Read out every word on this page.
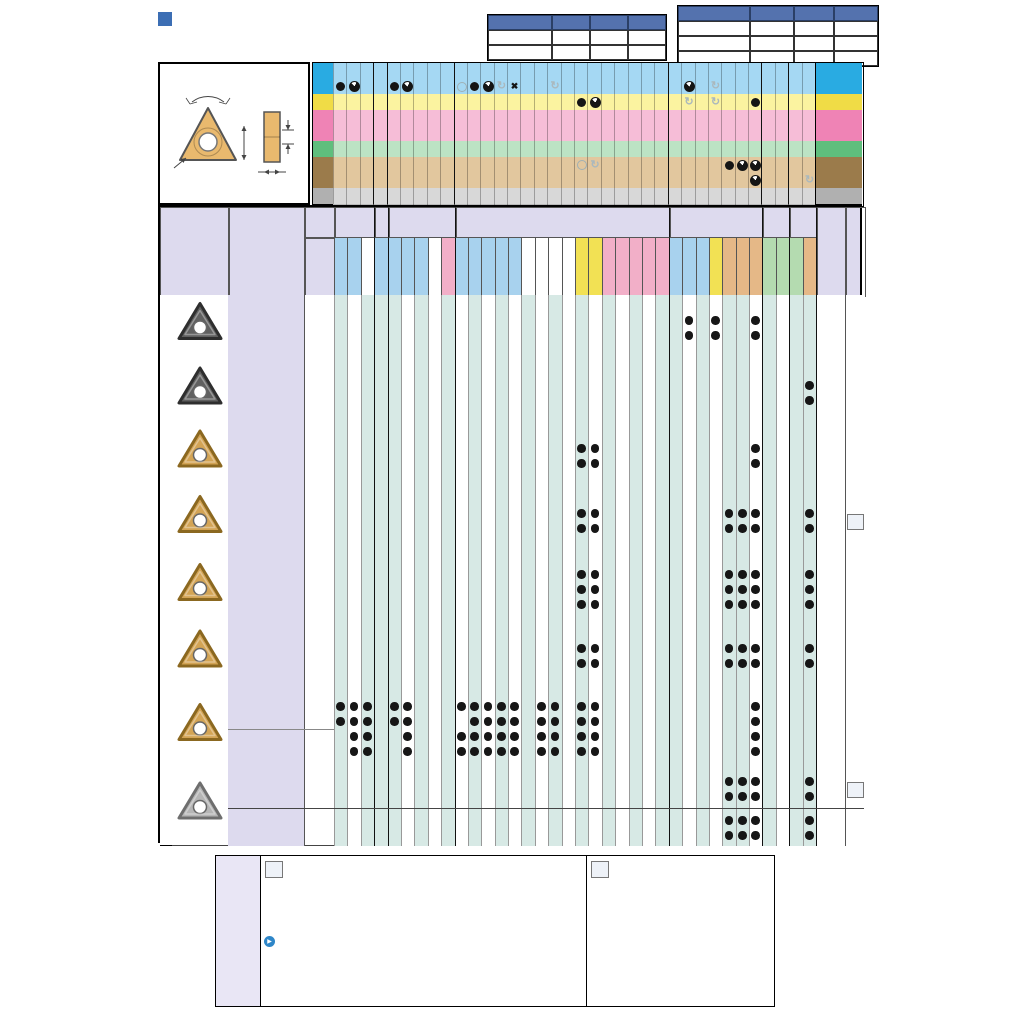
↻ ✖	↻	↻
↻ ↻
↻
↻
▶
